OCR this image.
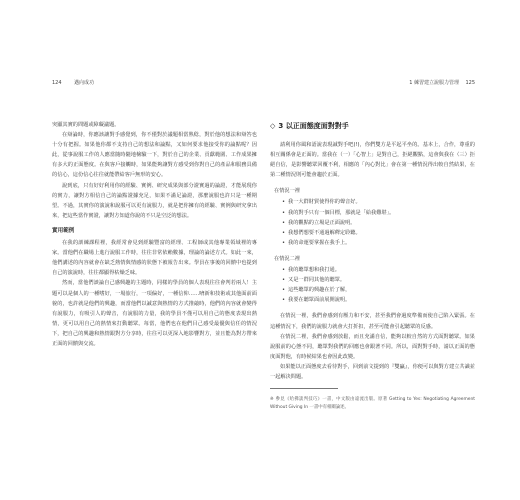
124 邁向成功

突顯其實的問題或障礙議題。

在辯論時，你應該讓對手感覺到，你不僅對於議題相當熟稔，對於他的想法和辯答也十分有把握。如果他你都不支持自己的想法和論點，又如何要求他接受你的論點呢？因此，從事說服工作的人應當隨時隨地檢驗一下，對於自己的企業、貢獻範圍、工作成果擁有多大的正面態度。在與客戶接觸時，如果能夠讓對方感受到你對自己的產品和服務具備的信心，這份信心往往就能帶給客戶無形的安心。

說到底，只有好好利用你的經驗、實例、研究成果與部分證實過的論證，才能展現你的實力，讓對方相信自己的論點證據充足，如果不滿足論證，那麼說服也許只是一種期望。不過，其實你的演說和說服可以更有說服力，就是把你擁有的經驗、實例與研究拿出來，把這些當作實證，讓對方知道你說的不只是空泛的想法。

實用範例

在我的訓練課程裡，我經常會見到經驗豐富的經理、工程師或其他專業領域裡的專家。當他們在職場上進行說服工作時，往往非常依賴數據，理論的論述方式。如此一來，他們講述的內容就會在缺乏熱情與情感的狀態下被報告出來。學員在事後的回饋中也提到自己的演說時，往往都顯得枯燥乏味。

然而，當他們談論自己感興趣的主題時，同樣的學員的個人表現往往會判若兩人！主題可以是個人的一種嗜好，一場旅行，一項偏好，一種信仰……唷新和技術或其他面前面貌的，也許就是他們的興趣，而當他們以誠意與熱情的方式推敲時，他們的內容就會變得有說服力，有吸引人的聲音，有說服的力量，我的學員不僅可以用自己的態度表現出熱情，更可以用自己的熱情來打動聽眾。每當，他們也在他們目己感受最優與信任的情況下，把自己的興趣和熱情跟對方分享時，往往可以更深入地影響對方，並且能為對方帶來正面的回饋與交流。

1 練習建立說服力管理 125

◇ 3 以正面態度面對對手

請利用你風和語說表現誠對手吧(!)，你們雙方是平起平坐的。基本上，合作，尊重的相互關係會是正面的。當我在（一）「心智上」是對自己，拒絕觀點，這會與我在（三）拒絕自信，是影響聽眾回覆不利，相應的「內心對比」會在第一種情況得出較自然結果，在第二種情況則可能會趨於正面。

在情況一裡

• 我一大群財貿使得你的聲音好。

• 我的對手只有一個目標，那就是「給我難堪」。

• 我的觀點的立場是正面說明。

• 我想們想要不通過解釋定聆聽。

• 我的命運要掌握在我手上。

在情況二裡

• 我的聽眾想和我打通。

• 又是一群同其他的聽眾。

• 這些聽眾的興趣在於了解，

• 我要在聽眾面前展開說明。

在情況一裡，我們會感到有壓力和不安，甚至我們會過度準備而使自己陷入緊張。在這種情況下，我們的說服力就會大打折扣，甚至可能會引起聽眾的反感。

在情況二裡，我們會感到放鬆，而且充滿自信，能夠以較自然的方式面對聽眾。如果說服前的心態不同，聽眾對我們的回應也會跟著不同。所以，面對對手時，請以正面的態度面對他，有時候結果也會因此改變。

如果能以正面態度去看待對手，回到前文提到的『雙贏』，你便可以與對方建立共識並一起解決問題。

※ 參見《哈佛談判技巧》一書，中文版由遠流出版。原著 Getting to Yes: Negotiating Agreement Without Giving In 一書中有相關論述。
